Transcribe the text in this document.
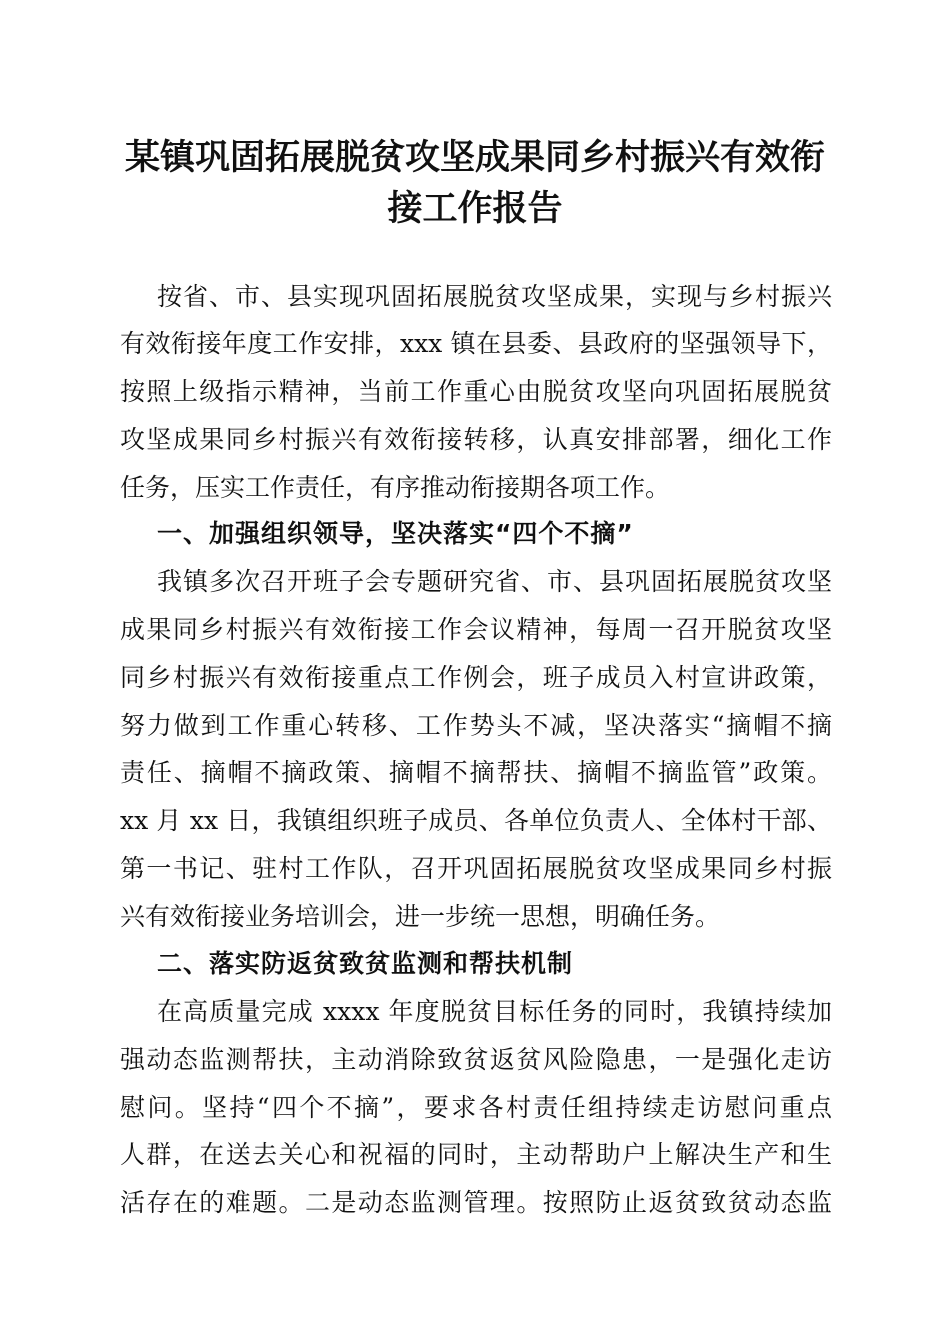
某镇巩固拓展脱贫攻坚成果同乡村振兴有效衔
接工作报告
按省、市、县实现巩固拓展脱贫攻坚成果，实现与乡村振兴
有效衔接年度工作安排，xxx 镇在县委、县政府的坚强领导下，
按照上级指示精神，当前工作重心由脱贫攻坚向巩固拓展脱贫
攻坚成果同乡村振兴有效衔接转移，认真安排部署，细化工作
任务，压实工作责任，有序推动衔接期各项工作。
一、加强组织领导，坚决落实“四个不摘”
我镇多次召开班子会专题研究省、市、县巩固拓展脱贫攻坚
成果同乡村振兴有效衔接工作会议精神，每周一召开脱贫攻坚
同乡村振兴有效衔接重点工作例会，班子成员入村宣讲政策，
努力做到工作重心转移、工作势头不减，坚决落实“摘帽不摘
责任、摘帽不摘政策、摘帽不摘帮扶、摘帽不摘监管”政策。
xx 月 xx 日，我镇组织班子成员、各单位负责人、全体村干部、
第一书记、驻村工作队，召开巩固拓展脱贫攻坚成果同乡村振
兴有效衔接业务培训会，进一步统一思想，明确任务。
二、落实防返贫致贫监测和帮扶机制
在高质量完成 xxxx 年度脱贫目标任务的同时，我镇持续加
强动态监测帮扶，主动消除致贫返贫风险隐患，一是强化走访
慰问。坚持“四个不摘”，要求各村责任组持续走访慰问重点
人群，在送去关心和祝福的同时，主动帮助户上解决生产和生
活存在的难题。二是动态监测管理。按照防止返贫致贫动态监
